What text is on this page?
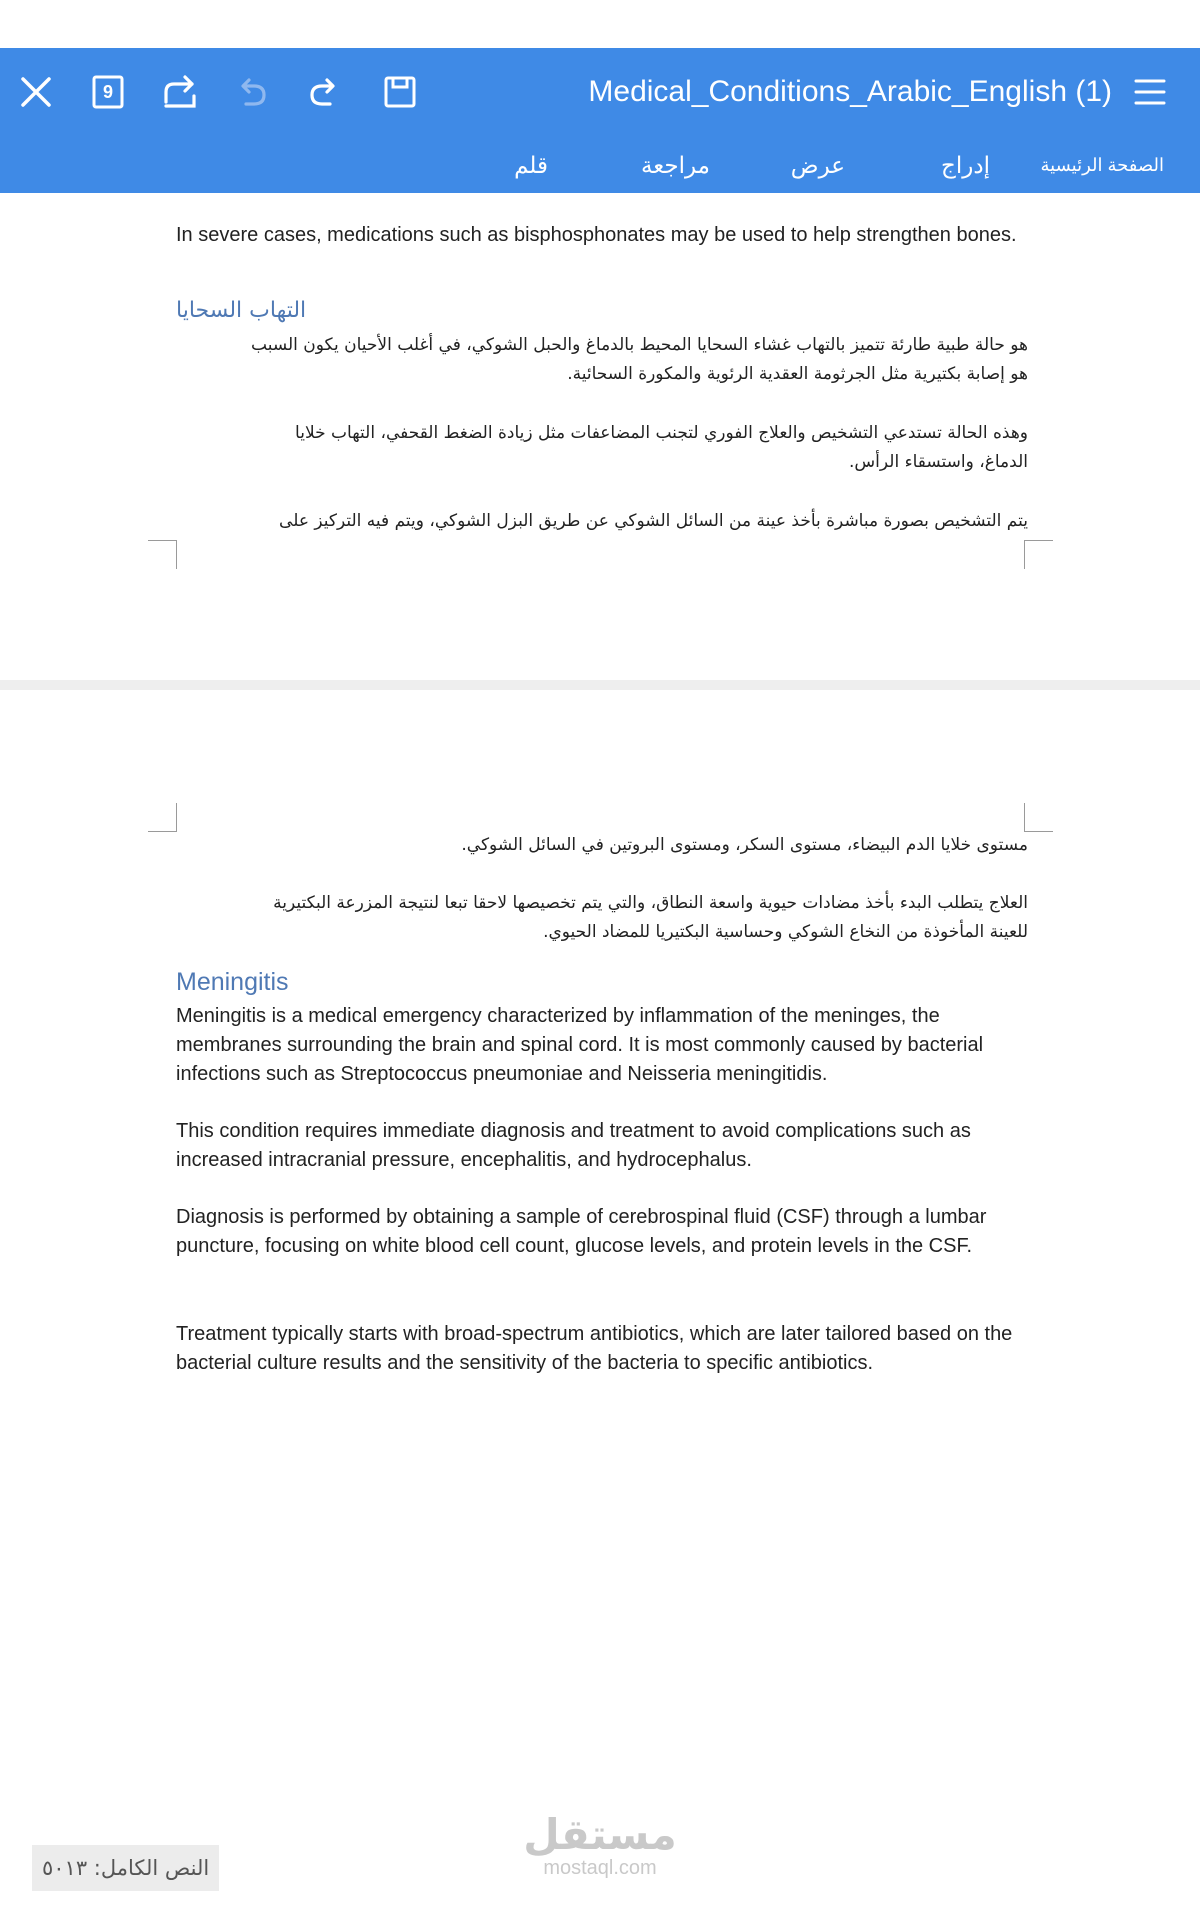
9	Medical_Conditions_Arabic_English (1)
الصفحة الرئيسية
إدراج
عرض
مراجعة
قلم
In severe cases, medications such as bisphosphonates may be used to help strengthen bones.
التهاب السحايا
هو حالة طبية طارئة تتميز بالتهاب غشاء السحايا المحيط بالدماغ والحبل الشوكي، في أغلب الأحيان يكون السبب
هو إصابة بكتيرية مثل الجرثومة العقدية الرئوية والمكورة السحائية.
وهذه الحالة تستدعي التشخيص والعلاج الفوري لتجنب المضاعفات مثل زيادة الضغط القحفي، التهاب خلايا
الدماغ، واستسقاء الرأس.
يتم التشخيص بصورة مباشرة بأخذ عينة من السائل الشوكي عن طريق البزل الشوكي، ويتم فيه التركيز على
مستوى خلايا الدم البيضاء، مستوى السكر، ومستوى البروتين في السائل الشوكي.
العلاج يتطلب البدء بأخذ مضادات حيوية واسعة النطاق، والتي يتم تخصيصها لاحقا تبعا لنتيجة المزرعة البكتيرية
للعينة المأخوذة من النخاع الشوكي وحساسية البكتيريا للمضاد الحيوي.
Meningitis
Meningitis is a medical emergency characterized by inflammation of the meninges, the membranes surrounding the brain and spinal cord. It is most commonly caused by bacterial infections such as Streptococcus pneumoniae and Neisseria meningitidis.
This condition requires immediate diagnosis and treatment to avoid complications such as increased intracranial pressure, encephalitis, and hydrocephalus.
Diagnosis is performed by obtaining a sample of cerebrospinal fluid (CSF) through a lumbar puncture, focusing on white blood cell count, glucose levels, and protein levels in the CSF.
Treatment typically starts with broad-spectrum antibiotics, which are later tailored based on the bacterial culture results and the sensitivity of the bacteria to specific antibiotics.
مستقل
mostaql.com
النص الكامل: ٥٠١٣
